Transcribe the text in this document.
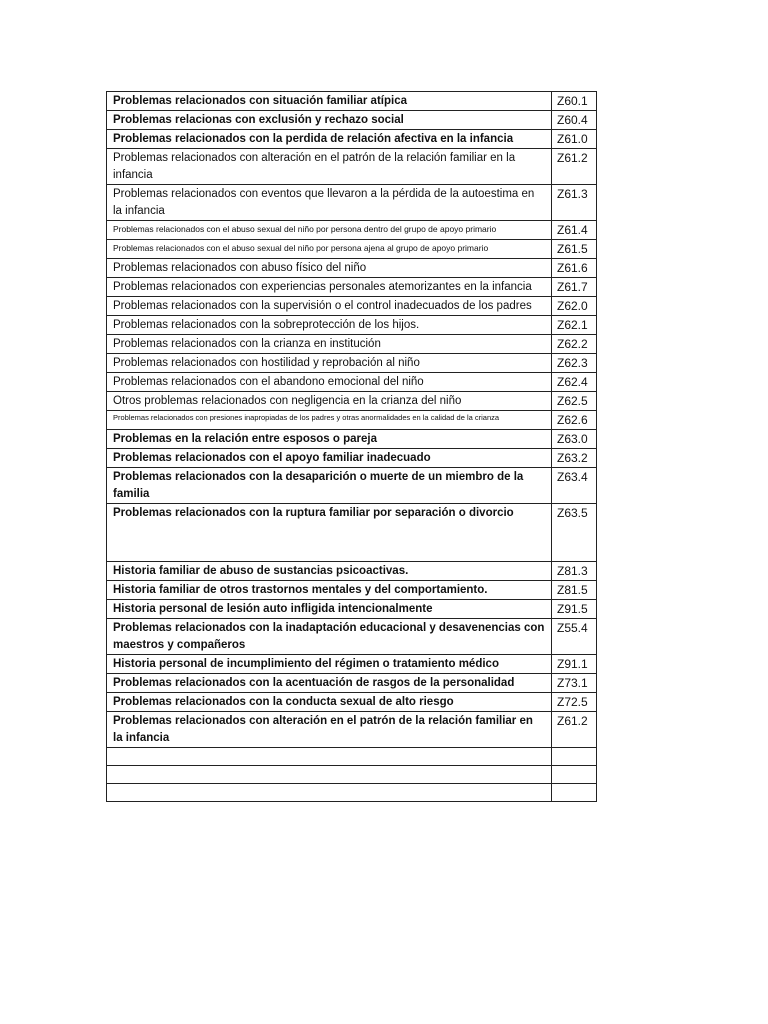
Problemas relacionados con situación familiar atípica	Z60.1
Problemas relacionas con exclusión y rechazo social	Z60.4
Problemas relacionados con la perdida de relación afectiva en la infancia	Z61.0
Problemas relacionados con alteración en el patrón de la relación familiar en la infancia	Z61.2
Problemas relacionados con eventos que llevaron a la pérdida de la autoestima en la infancia	Z61.3
Problemas relacionados con el abuso sexual del niño por persona dentro del grupo de apoyo primario	Z61.4
Problemas relacionados con el abuso sexual del niño por persona ajena al grupo de apoyo primario	Z61.5
Problemas relacionados con abuso físico del niño	Z61.6
Problemas relacionados con experiencias personales atemorizantes en la infancia	Z61.7
Problemas relacionados con la supervisión o el control inadecuados de los padres	Z62.0
Problemas relacionados con la sobreprotección de los hijos.	Z62.1
Problemas relacionados con la crianza en institución	Z62.2
Problemas relacionados con hostilidad y reprobación al niño	Z62.3
Problemas relacionados con el abandono emocional del niño	Z62.4
Otros problemas relacionados con negligencia en la crianza del niño	Z62.5
Problemas relacionados con presiones inapropiadas de los padres y otras anormalidades en la calidad de la crianza	Z62.6
Problemas en la relación entre esposos o pareja	Z63.0
Problemas relacionados con el apoyo familiar inadecuado	Z63.2
Problemas relacionados con la desaparición o muerte de un miembro de la familia	Z63.4
Problemas relacionados con la ruptura familiar por separación o divorcio	Z63.5
Historia familiar de abuso de sustancias psicoactivas.	Z81.3
Historia familiar de otros trastornos mentales y del comportamiento.	Z81.5
Historia personal de lesión auto infligida intencionalmente	Z91.5
Problemas relacionados con la inadaptación educacional y desavenencias con maestros y compañeros	Z55.4
Historia personal de incumplimiento del régimen o tratamiento médico	Z91.1
Problemas relacionados con la acentuación de rasgos de la personalidad	Z73.1
Problemas relacionados con la conducta sexual de alto riesgo	Z72.5
Problemas relacionados con alteración en el patrón de la relación familiar en la infancia	Z61.2
